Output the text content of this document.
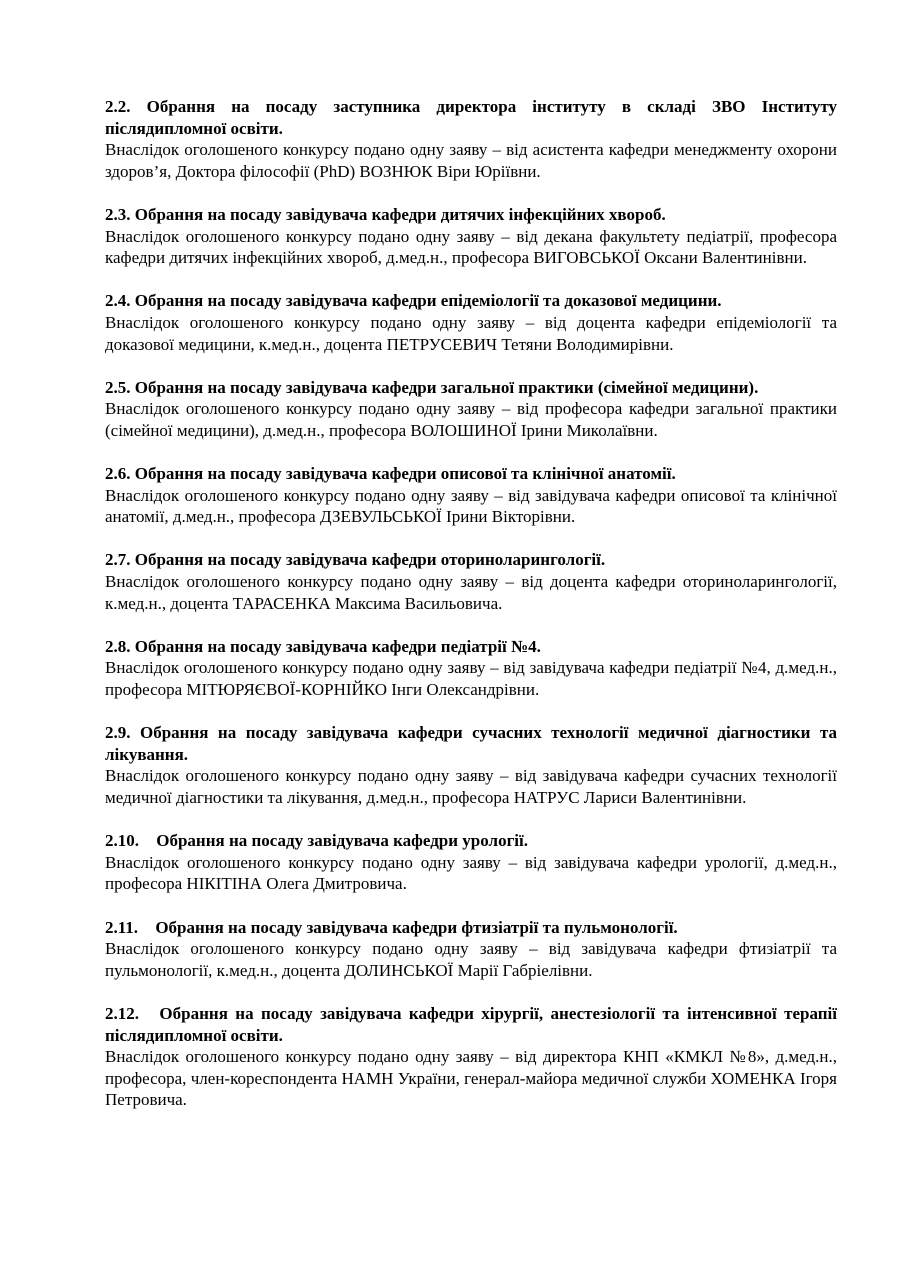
2.2. Обрання на посаду заступника директора інституту в складі ЗВО Інституту післядипломної освіти.

Внаслідок оголошеного конкурсу подано одну заяву – від асистента кафедри менеджменту охорони здоров’я, Доктора філософії (PhD) ВОЗНЮК Віри Юріївни.

2.3. Обрання на посаду завідувача кафедри дитячих інфекційних хвороб.

Внаслідок оголошеного конкурсу подано одну заяву – від декана факультету педіатрії, професора кафедри дитячих інфекційних хвороб, д.мед.н., професора ВИГОВСЬКОЇ Оксани Валентинівни.

2.4. Обрання на посаду завідувача кафедри епідеміології та доказової медицини.

Внаслідок оголошеного конкурсу подано одну заяву – від доцента кафедри епідеміології та доказової медицини, к.мед.н., доцента ПЕТРУСЕВИЧ Тетяни Володимирівни.

2.5. Обрання на посаду завідувача кафедри загальної практики (сімейної медицини).

Внаслідок оголошеного конкурсу подано одну заяву – від професора кафедри загальної практики (сімейної медицини), д.мед.н., професора ВОЛОШИНОЇ Ірини Миколаївни.

2.6. Обрання на посаду завідувача кафедри описової та клінічної анатомії.

Внаслідок оголошеного конкурсу подано одну заяву – від завідувача кафедри описової та клінічної анатомії, д.мед.н., професора ДЗЕВУЛЬСЬКОЇ Ірини Вікторівни.

2.7. Обрання на посаду завідувача кафедри оториноларингології.

Внаслідок оголошеного конкурсу подано одну заяву – від доцента кафедри оториноларингології, к.мед.н., доцента ТАРАСЕНКА Максима Васильовича.

2.8. Обрання на посаду завідувача кафедри педіатрії №4.

Внаслідок оголошеного конкурсу подано одну заяву – від завідувача кафедри педіатрії №4, д.мед.н., професора МІТЮРЯЄВОЇ-КОРНІЙКО Інги Олександрівни.

2.9. Обрання на посаду завідувача кафедри сучасних технології медичної діагностики та лікування.

Внаслідок оголошеного конкурсу подано одну заяву – від завідувача кафедри сучасних технології медичної діагностики та лікування, д.мед.н., професора НАТРУС Лариси Валентинівни.

2.10. Обрання на посаду завідувача кафедри урології.

Внаслідок оголошеного конкурсу подано одну заяву – від завідувача кафедри урології, д.мед.н., професора НІКІТІНА Олега Дмитровича.

2.11. Обрання на посаду завідувача кафедри фтизіатрії та пульмонології.

Внаслідок оголошеного конкурсу подано одну заяву – від завідувача кафедри фтизіатрії та пульмонології, к.мед.н., доцента ДОЛИНСЬКОЇ Марії Габріелівни.

2.12. Обрання на посаду завідувача кафедри хірургії, анестезіології та інтенсивної терапії післядипломної освіти.

Внаслідок оголошеного конкурсу подано одну заяву – від директора КНП «КМКЛ №8», д.мед.н., професора, член-кореспондента НАМН України, генерал-майора медичної служби ХОМЕНКА Ігоря Петровича.
